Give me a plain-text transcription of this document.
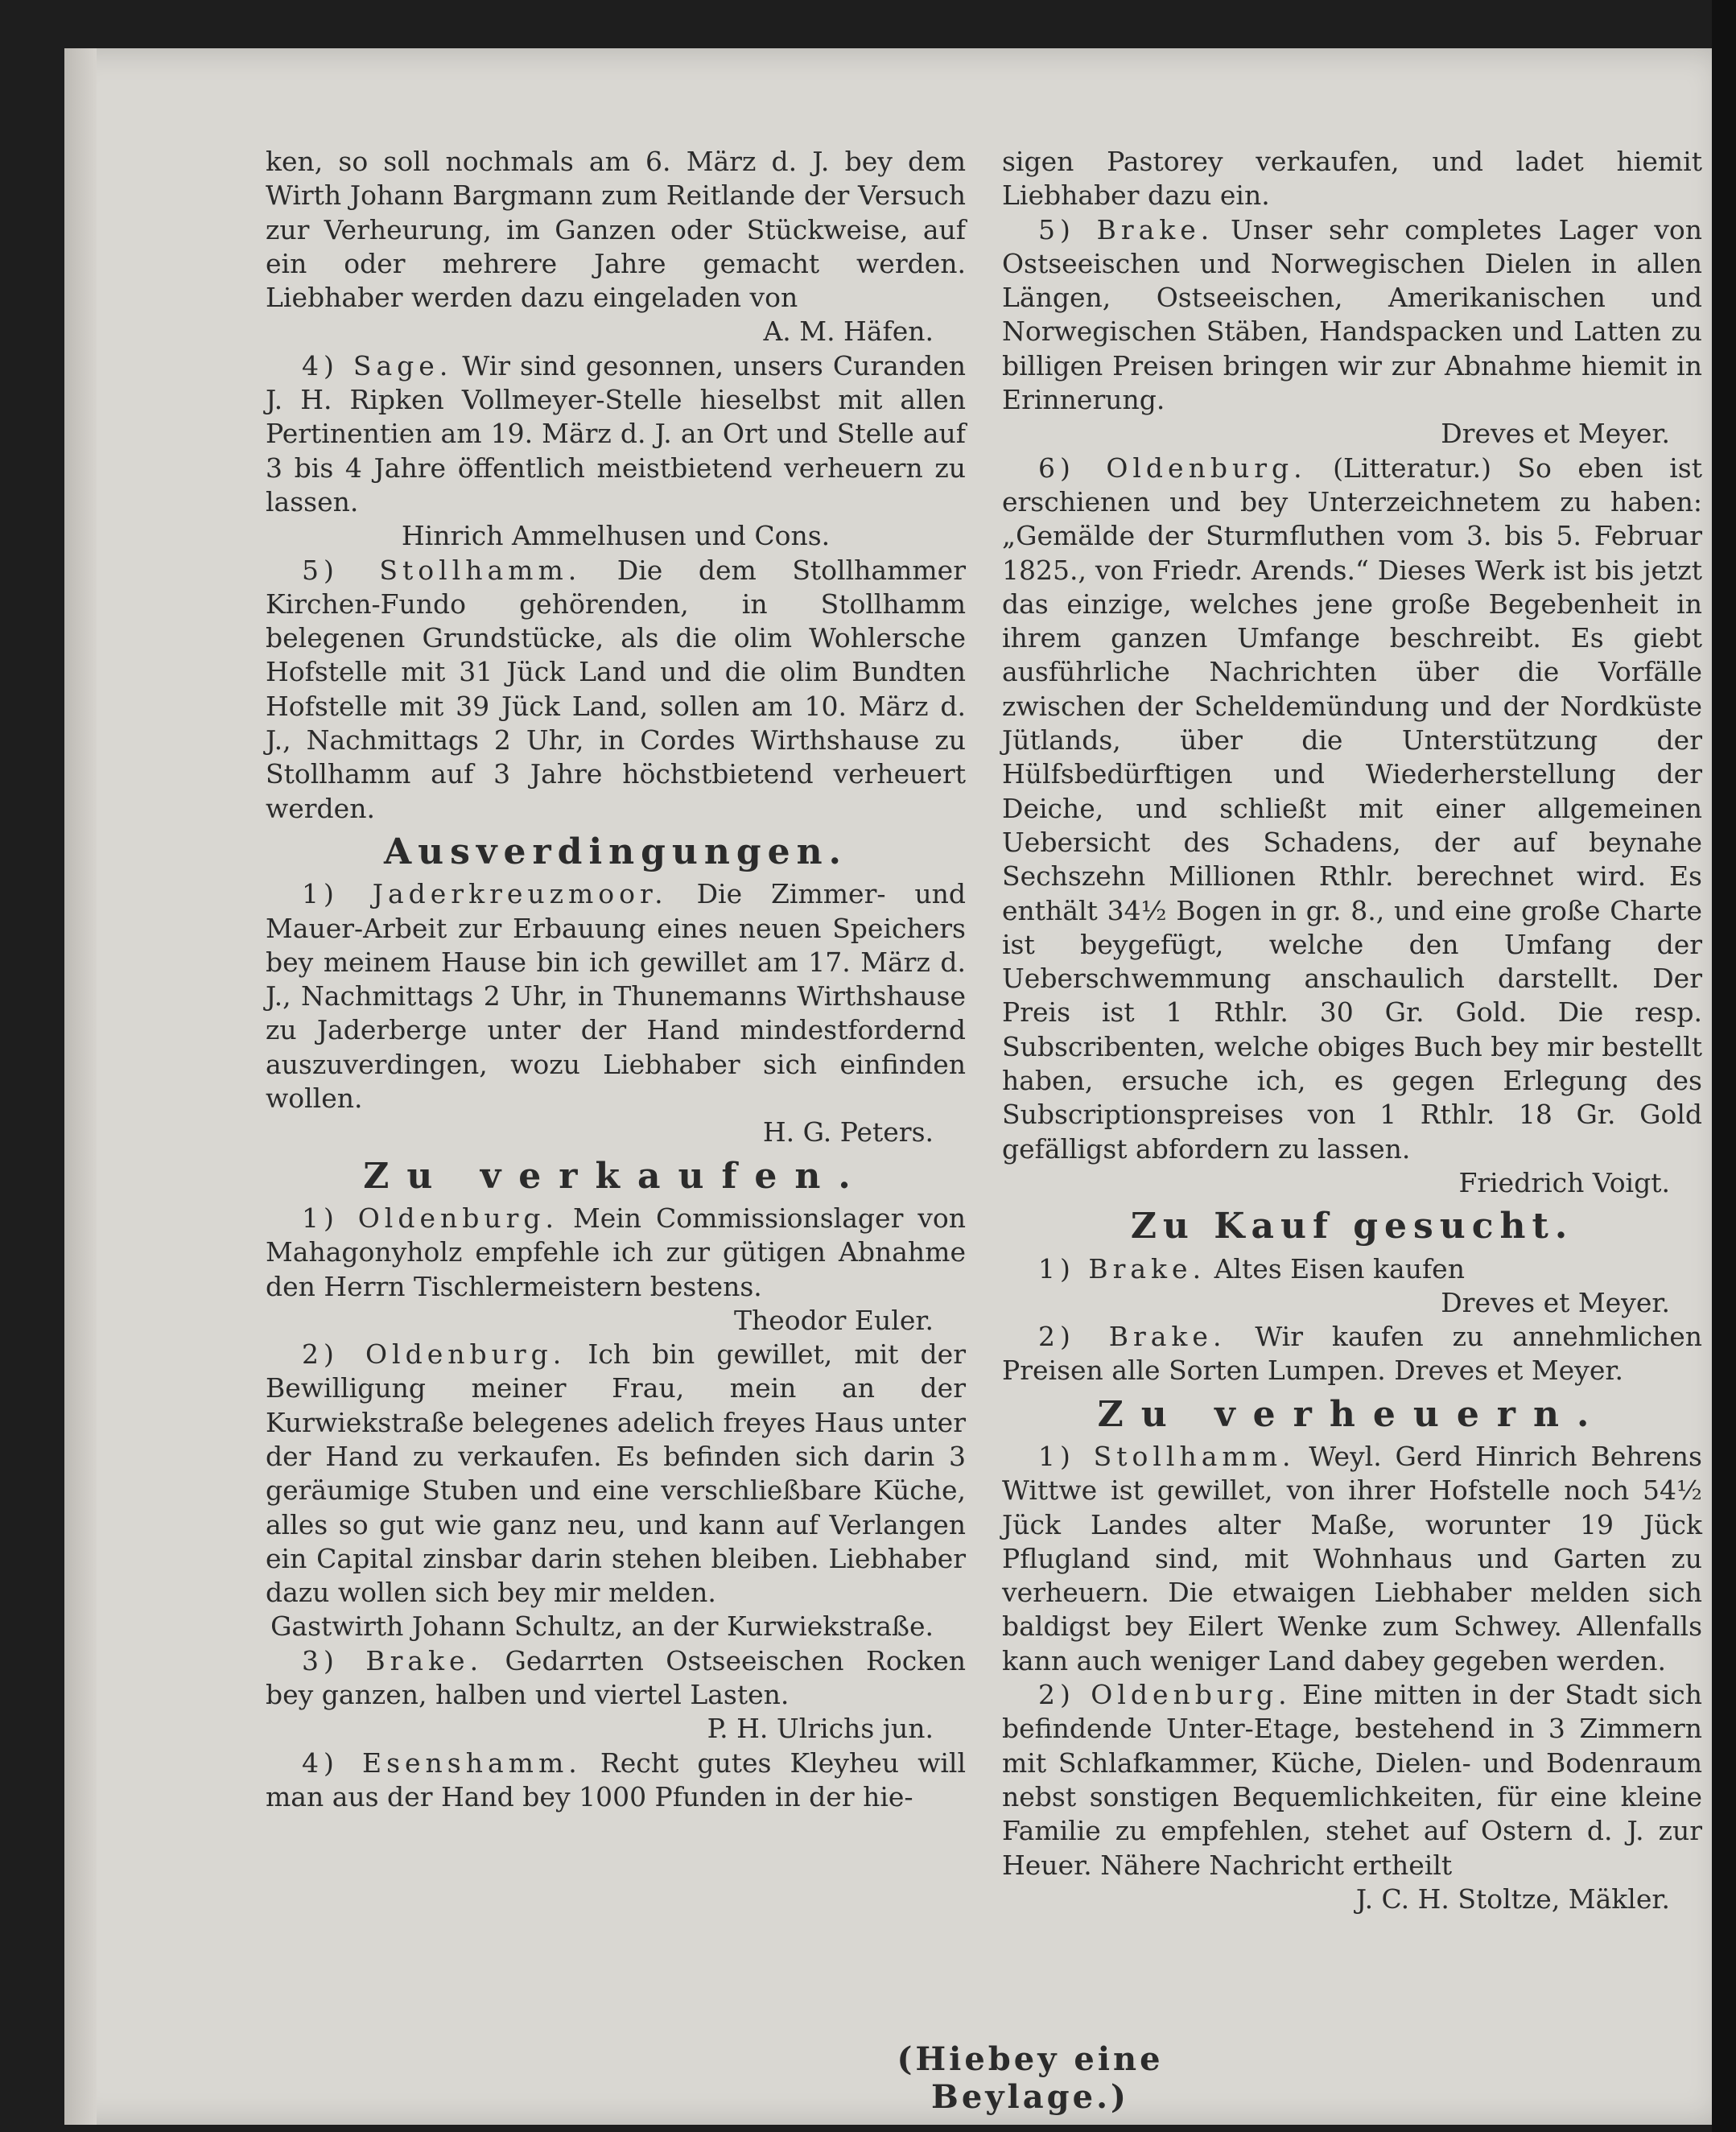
ken, so soll nochmals am 6. März d. J. bey dem Wirth Johann Bargmann zum Reitlande der Versuch zur Verheurung, im Ganzen oder Stückweise, auf ein oder mehrere Jahre gemacht werden. Liebhaber werden dazu eingeladen von

A. M. Häfen.

4) Sage. Wir sind gesonnen, unsers Curanden J. H. Ripken Vollmeyer-Stelle hieselbst mit allen Pertinentien am 19. März d. J. an Ort und Stelle auf 3 bis 4 Jahre öffentlich meistbietend verheuern zu lassen.

Hinrich Ammelhusen und Cons.

5) Stollhamm. Die dem Stollhammer Kirchen-Fundo gehörenden, in Stollhamm belegenen Grundstücke, als die olim Wohlersche Hofstelle mit 31 Jück Land und die olim Bundten Hofstelle mit 39 Jück Land, sollen am 10. März d. J., Nachmittags 2 Uhr, in Cordes Wirthshause zu Stollhamm auf 3 Jahre höchstbietend verheuert werden.

Ausverdingungen.

1) Jaderkreuzmoor. Die Zimmer- und Mauer-Arbeit zur Erbauung eines neuen Speichers bey meinem Hause bin ich gewillet am 17. März d. J., Nachmittags 2 Uhr, in Thunemanns Wirthshause zu Jaderberge unter der Hand mindestfordernd auszuverdingen, wozu Liebhaber sich einfinden wollen.

H. G. Peters.

Zu verkaufen.

1) Oldenburg. Mein Commissionslager von Mahagonyholz empfehle ich zur gütigen Abnahme den Herrn Tischlermeistern bestens.

Theodor Euler.

2) Oldenburg. Ich bin gewillet, mit der Bewilligung meiner Frau, mein an der Kurwiekstraße belegenes adelich freyes Haus unter der Hand zu verkaufen. Es befinden sich darin 3 geräumige Stuben und eine verschließbare Küche, alles so gut wie ganz neu, und kann auf Verlangen ein Capital zinsbar darin stehen bleiben. Liebhaber dazu wollen sich bey mir melden.

Gastwirth Johann Schultz, an der Kurwiekstraße.

3) Brake. Gedarrten Ostseeischen Rocken bey ganzen, halben und viertel Lasten.

P. H. Ulrichs jun.

4) Esenshamm. Recht gutes Kleyheu will man aus der Hand bey 1000 Pfunden in der hie-

sigen Pastorey verkaufen, und ladet hiemit Liebhaber dazu ein.

5) Brake. Unser sehr completes Lager von Ostseeischen und Norwegischen Dielen in allen Längen, Ostseeischen, Amerikanischen und Norwegischen Stäben, Handspacken und Latten zu billigen Preisen bringen wir zur Abnahme hiemit in Erinnerung.

Dreves et Meyer.

6) Oldenburg. (Litteratur.) So eben ist erschienen und bey Unterzeichnetem zu haben: „Gemälde der Sturmfluthen vom 3. bis 5. Februar 1825., von Friedr. Arends.“ Dieses Werk ist bis jetzt das einzige, welches jene große Begebenheit in ihrem ganzen Umfange beschreibt. Es giebt ausführliche Nachrichten über die Vorfälle zwischen der Scheldemündung und der Nordküste Jütlands, über die Unterstützung der Hülfsbedürftigen und Wiederherstellung der Deiche, und schließt mit einer allgemeinen Uebersicht des Schadens, der auf beynahe Sechszehn Millionen Rthlr. berechnet wird. Es enthält 34½ Bogen in gr. 8., und eine große Charte ist beygefügt, welche den Umfang der Ueberschwemmung anschaulich darstellt. Der Preis ist 1 Rthlr. 30 Gr. Gold. Die resp. Subscribenten, welche obiges Buch bey mir bestellt haben, ersuche ich, es gegen Erlegung des Subscriptionspreises von 1 Rthlr. 18 Gr. Gold gefälligst abfordern zu lassen.

Friedrich Voigt.

Zu Kauf gesucht.

1) Brake. Altes Eisen kaufen

Dreves et Meyer.

2) Brake. Wir kaufen zu annehmlichen Preisen alle Sorten Lumpen. Dreves et Meyer.

Zu verheuern.

1) Stollhamm. Weyl. Gerd Hinrich Behrens Wittwe ist gewillet, von ihrer Hofstelle noch 54½ Jück Landes alter Maße, worunter 19 Jück Pflugland sind, mit Wohnhaus und Garten zu verheuern. Die etwaigen Liebhaber melden sich baldigst bey Eilert Wenke zum Schwey. Allenfalls kann auch weniger Land dabey gegeben werden.

2) Oldenburg. Eine mitten in der Stadt sich befindende Unter-Etage, bestehend in 3 Zimmern mit Schlafkammer, Küche, Dielen- und Bodenraum nebst sonstigen Bequemlichkeiten, für eine kleine Familie zu empfehlen, stehet auf Ostern d. J. zur Heuer. Nähere Nachricht ertheilt

J. C. H. Stoltze, Mäkler.

(Hiebey eine Beylage.)
